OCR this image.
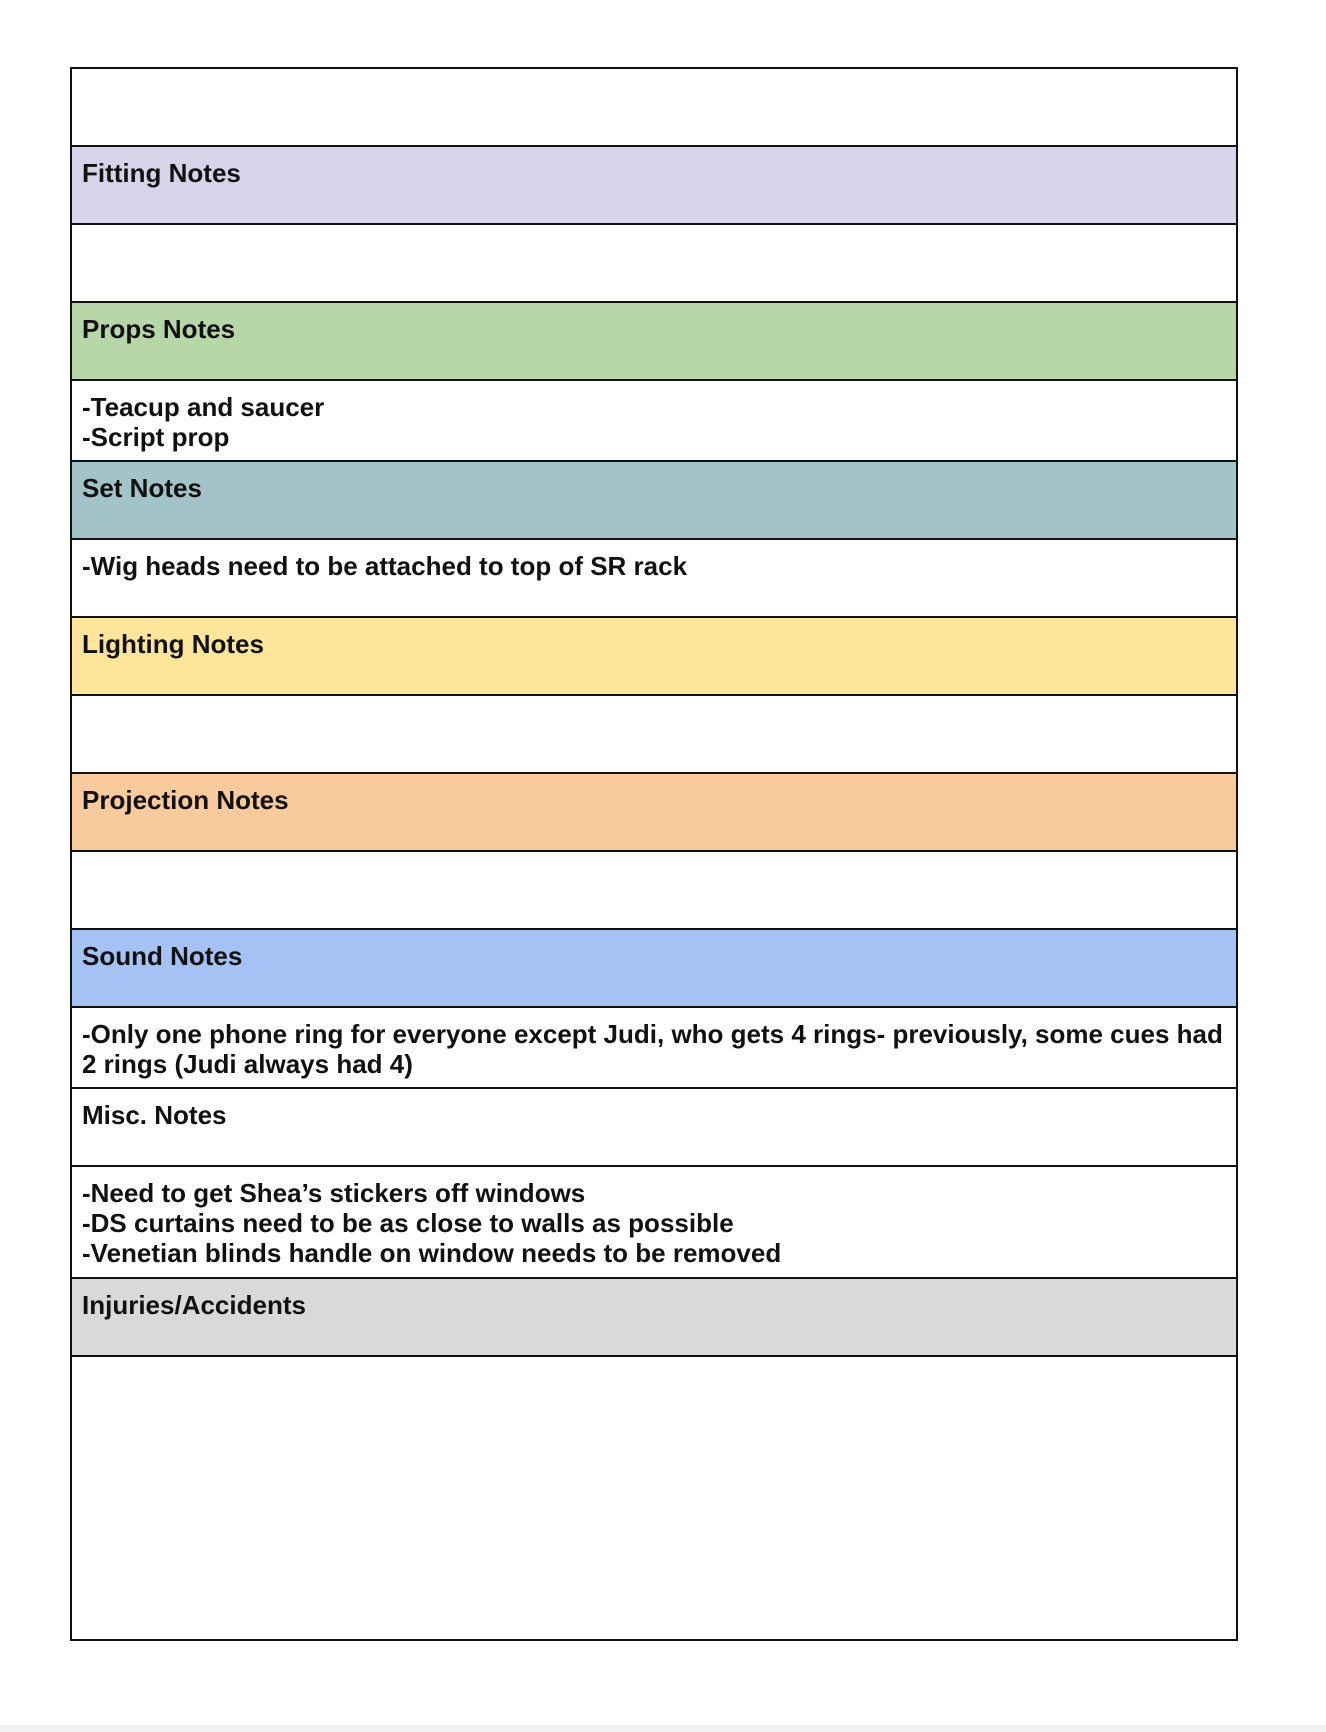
Fitting Notes
Props Notes
-Teacup and saucer
-Script prop
Set Notes
-Wig heads need to be attached to top of SR rack
Lighting Notes
Projection Notes
Sound Notes
-Only one phone ring for everyone except Judi, who gets 4 rings- previously, some cues had 2 rings (Judi always had 4)
Misc. Notes
-Need to get Shea’s stickers off windows
-DS curtains need to be as close to walls as possible
-Venetian blinds handle on window needs to be removed
Injuries/Accidents
